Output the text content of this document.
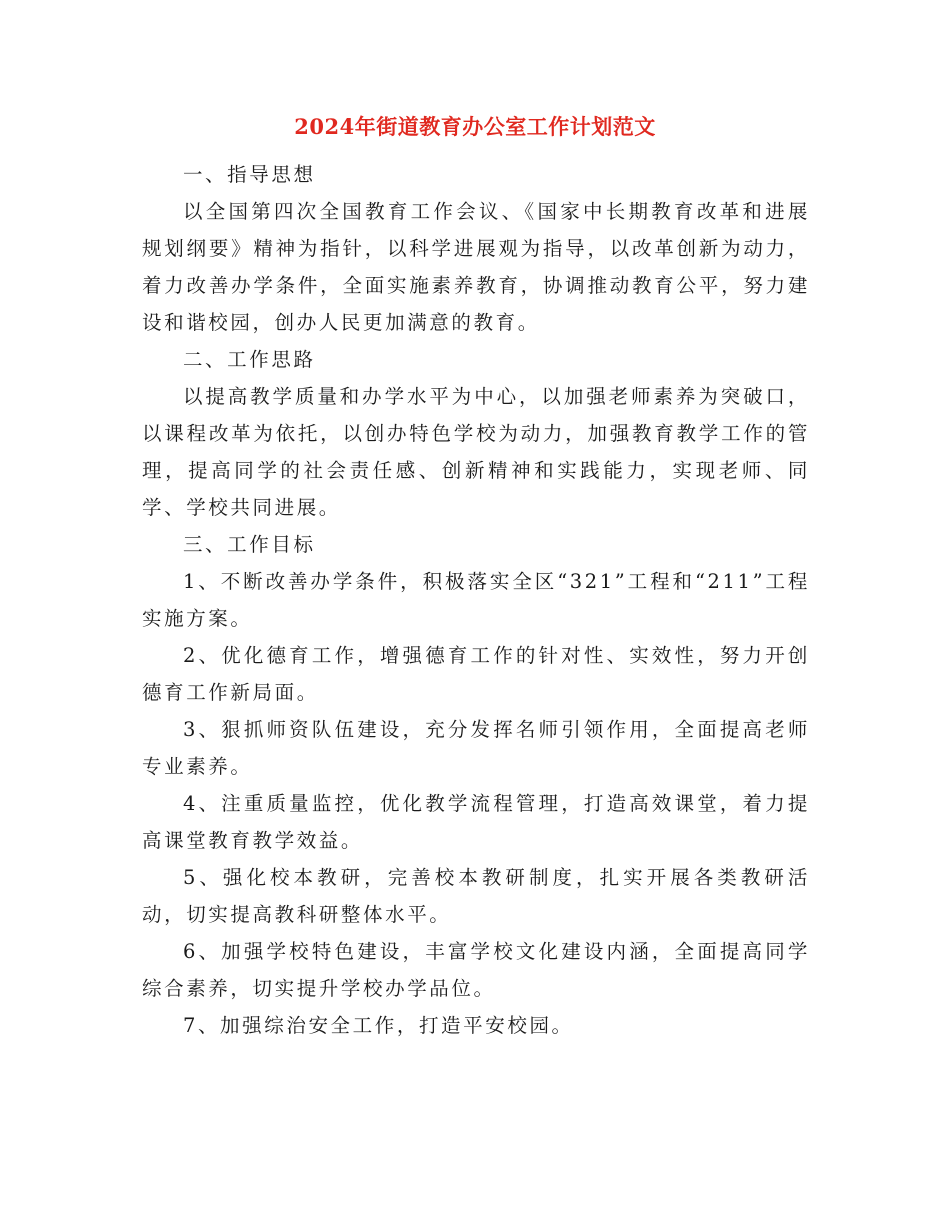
2024年街道教育办公室工作计划范文

一、指导思想

以全国第四次全国教育工作会议、《国家中长期教育改革和进展规划纲要》精神为指针，以科学进展观为指导，以改革创新为动力，着力改善办学条件，全面实施素养教育，协调推动教育公平，努力建设和谐校园，创办人民更加满意的教育。

二、工作思路

以提高教学质量和办学水平为中心，以加强老师素养为突破口，以课程改革为依托，以创办特色学校为动力，加强教育教学工作的管理，提高同学的社会责任感、创新精神和实践能力，实现老师、同学、学校共同进展。

三、工作目标

1、不断改善办学条件，积极落实全区“321”工程和“211”工程实施方案。

2、优化德育工作，增强德育工作的针对性、实效性，努力开创德育工作新局面。

3、狠抓师资队伍建设，充分发挥名师引领作用，全面提高老师专业素养。

4、注重质量监控，优化教学流程管理，打造高效课堂，着力提高课堂教育教学效益。

5、强化校本教研，完善校本教研制度，扎实开展各类教研活动，切实提高教科研整体水平。

6、加强学校特色建设，丰富学校文化建设内涵，全面提高同学综合素养，切实提升学校办学品位。

7、加强综治安全工作，打造平安校园。
